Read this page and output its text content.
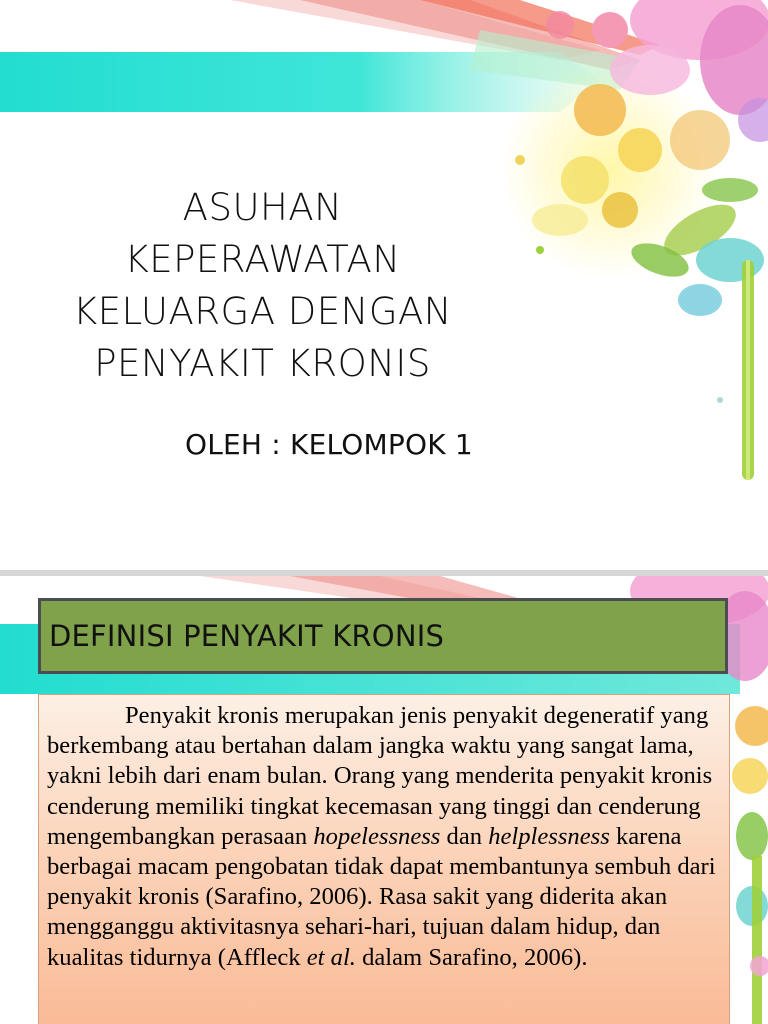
ASUHAN
KEPERAWATAN
KELUARGA DENGAN
PENYAKIT KRONIS
OLEH : KELOMPOK 1
DEFINISI PENYAKIT KRONIS

Penyakit kronis merupakan jenis penyakit degeneratif yang berkembang atau bertahan dalam jangka waktu yang sangat lama, yakni lebih dari enam bulan. Orang yang menderita penyakit kronis cenderung memiliki tingkat kecemasan yang tinggi dan cenderung mengembangkan perasaan hopelessness dan helplessness karena berbagai macam pengobatan tidak dapat membantunya sembuh dari penyakit kronis (Sarafino, 2006). Rasa sakit yang diderita akan mengganggu aktivitasnya sehari-hari, tujuan dalam hidup, dan kualitas tidurnya (Affleck et al. dalam Sarafino, 2006).
